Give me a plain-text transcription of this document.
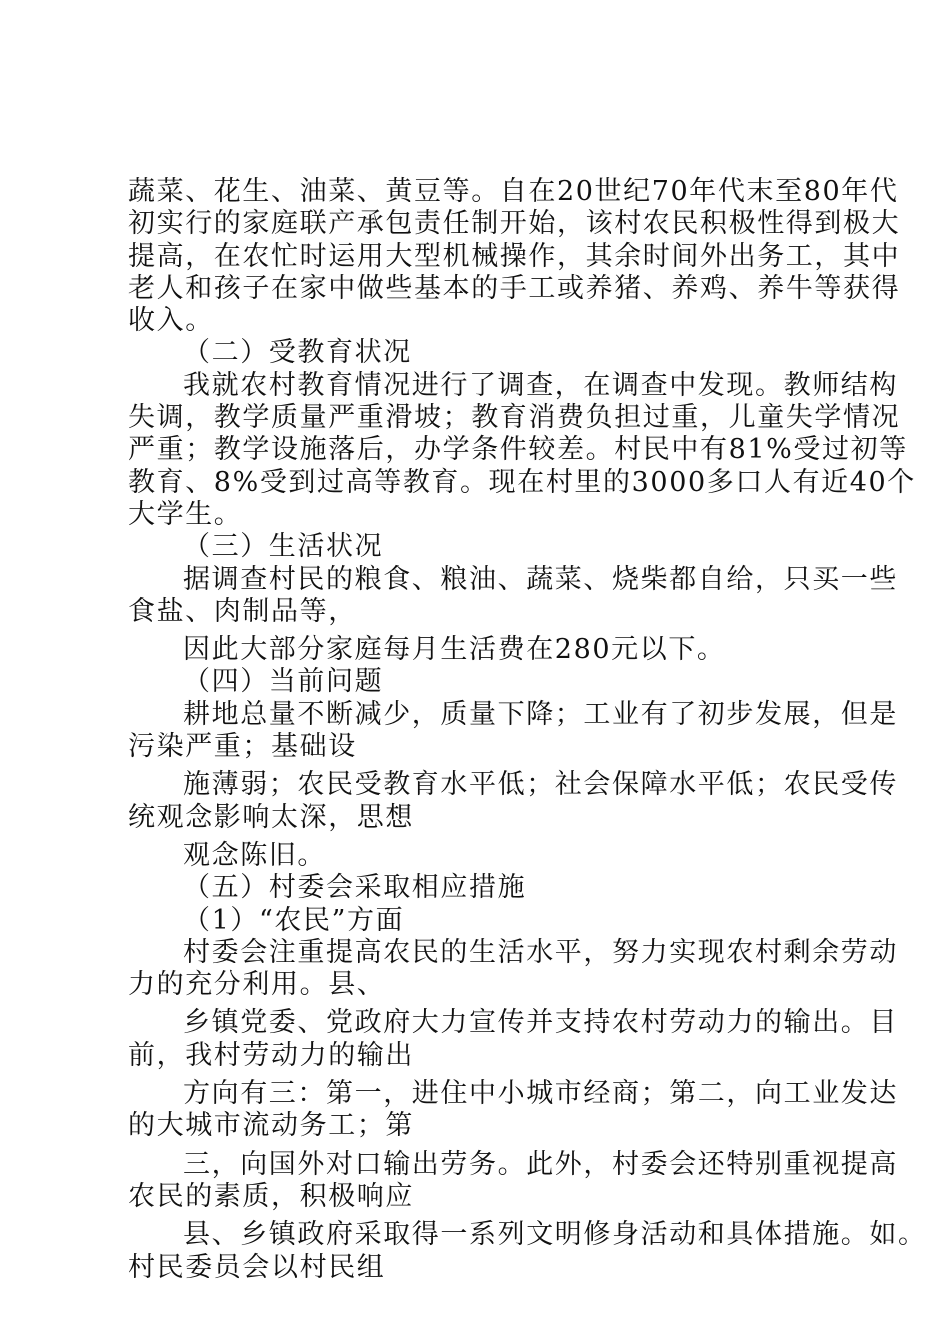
蔬菜、花生、油菜、黄豆等。自在20世纪70年代末至80年代
初实行的家庭联产承包责任制开始，该村农民积极性得到极大
提高，在农忙时运用大型机械操作，其余时间外出务工，其中
老人和孩子在家中做些基本的手工或养猪、养鸡、养牛等获得
收入。
（二）受教育状况
我就农村教育情况进行了调查，在调查中发现。教师结构
失调，教学质量严重滑坡；教育消费负担过重，儿童失学情况
严重；教学设施落后，办学条件较差。村民中有81%受过初等
教育、8%受到过高等教育。现在村里的3000多口人有近40个
大学生。
（三）生活状况
据调查村民的粮食、粮油、蔬菜、烧柴都自给，只买一些
食盐、肉制品等，
因此大部分家庭每月生活费在280元以下。
（四）当前问题
耕地总量不断减少，质量下降；工业有了初步发展，但是
污染严重；基础设
施薄弱；农民受教育水平低；社会保障水平低；农民受传
统观念影响太深，思想
观念陈旧。
（五）村委会采取相应措施
（1）“农民”方面
村委会注重提高农民的生活水平，努力实现农村剩余劳动
力的充分利用。县、
乡镇党委、党政府大力宣传并支持农村劳动力的输出。目
前，我村劳动力的输出
方向有三：第一，进住中小城市经商；第二，向工业发达
的大城市流动务工；第
三，向国外对口输出劳务。此外，村委会还特别重视提高
农民的素质，积极响应
县、乡镇政府采取得一系列文明修身活动和具体措施。如。
村民委员会以村民组
